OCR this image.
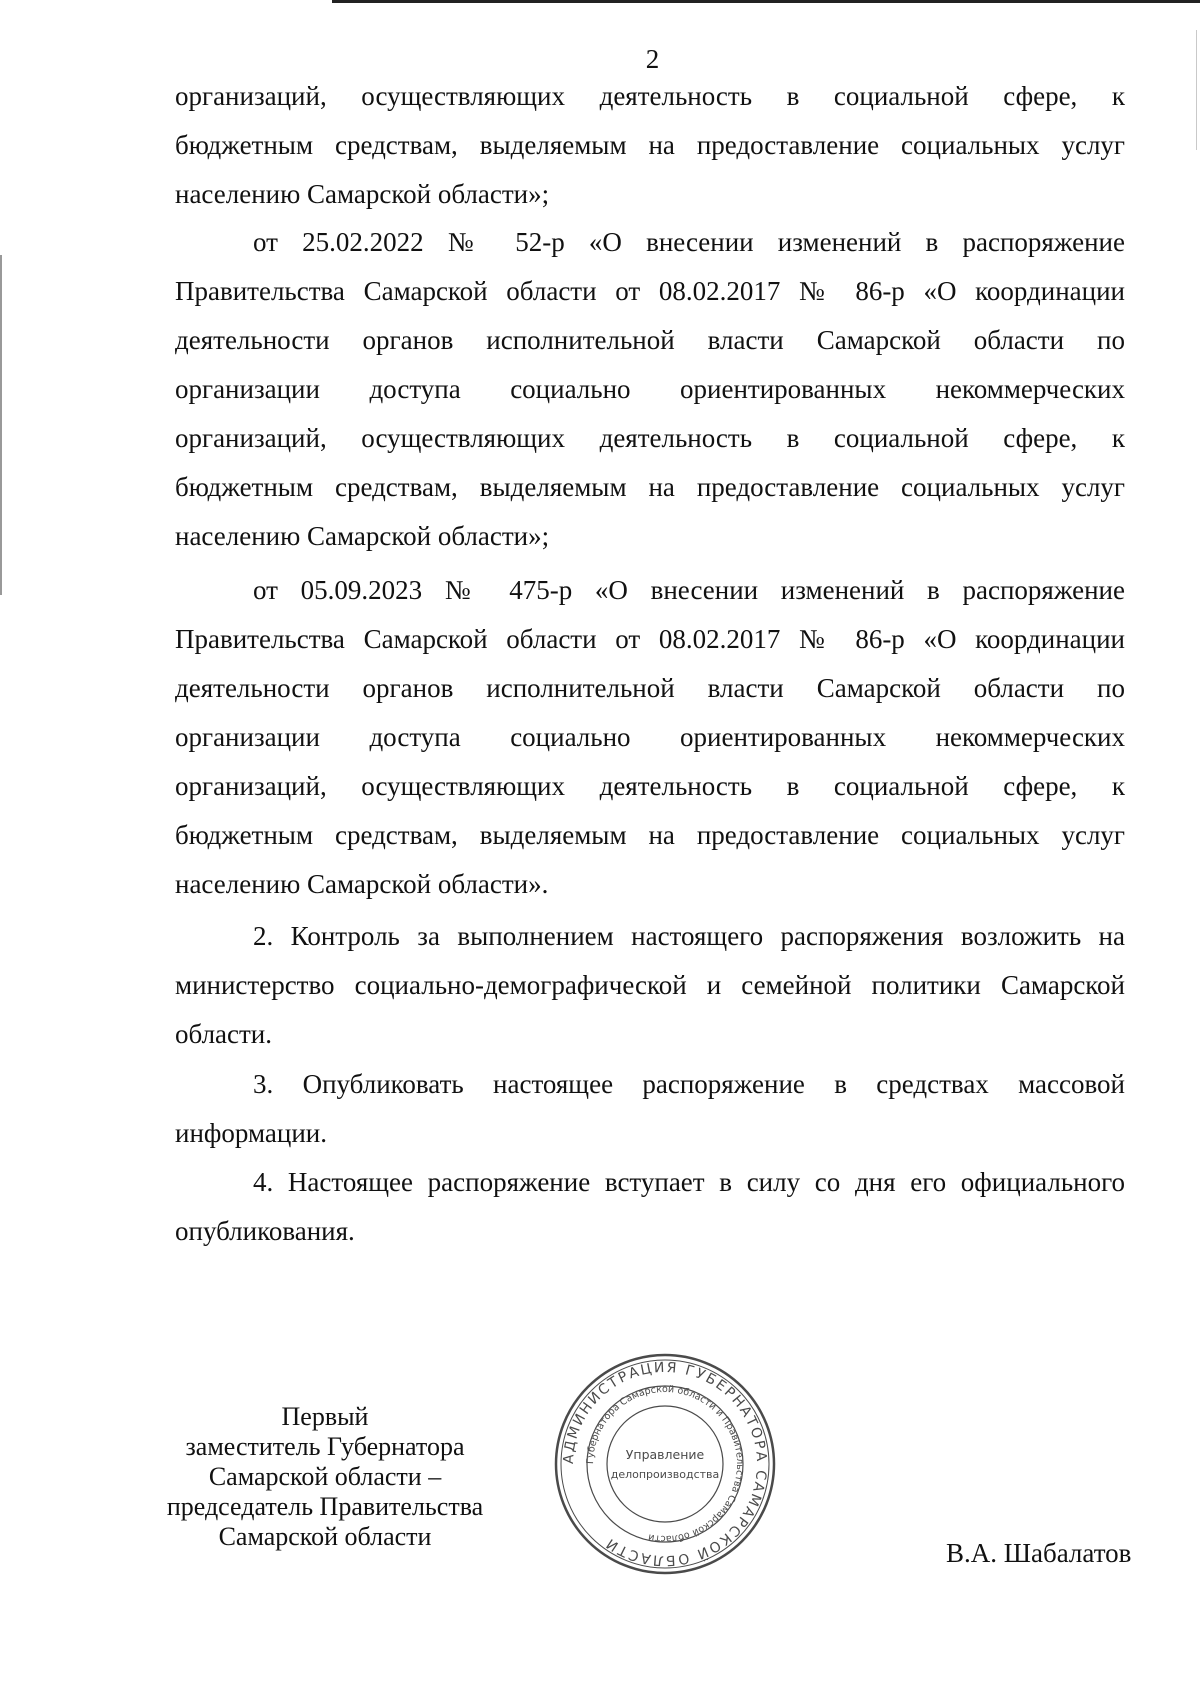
2
организаций, осуществляющих деятельность в социальной сфере, к
бюджетным средствам, выделяемым на предоставление социальных услуг
населению Самарской области»;
от 25.02.2022 № 52-р «О внесении изменений в распоряжение
Правительства Самарской области от 08.02.2017 № 86-р «О координации
деятельности органов исполнительной власти Самарской области по
организации доступа социально ориентированных некоммерческих
организаций, осуществляющих деятельность в социальной сфере, к
бюджетным средствам, выделяемым на предоставление социальных услуг
населению Самарской области»;
от 05.09.2023 № 475-р «О внесении изменений в распоряжение
Правительства Самарской области от 08.02.2017 № 86-р «О координации
деятельности органов исполнительной власти Самарской области по
организации доступа социально ориентированных некоммерческих
организаций, осуществляющих деятельность в социальной сфере, к
бюджетным средствам, выделяемым на предоставление социальных услуг
населению Самарской области».
2. Контроль за выполнением настоящего распоряжения возложить на
министерство социально-демографической и семейной политики Самарской
области.
3. Опубликовать настоящее распоряжение в средствах массовой
информации.
4. Настоящее распоряжение вступает в силу со дня его официального
опубликования.
Первый
заместитель Губернатора
Самарской области –
председатель Правительства
Самарской области
АДМИНИСТРАЦИЯ ГУБЕРНАТОРА САМАРСКОЙ ОБЛАСТИ
Губернатора Самарской области и Правительства Самарской области
Управление
делопроизводства
В.А. Шабалатов
